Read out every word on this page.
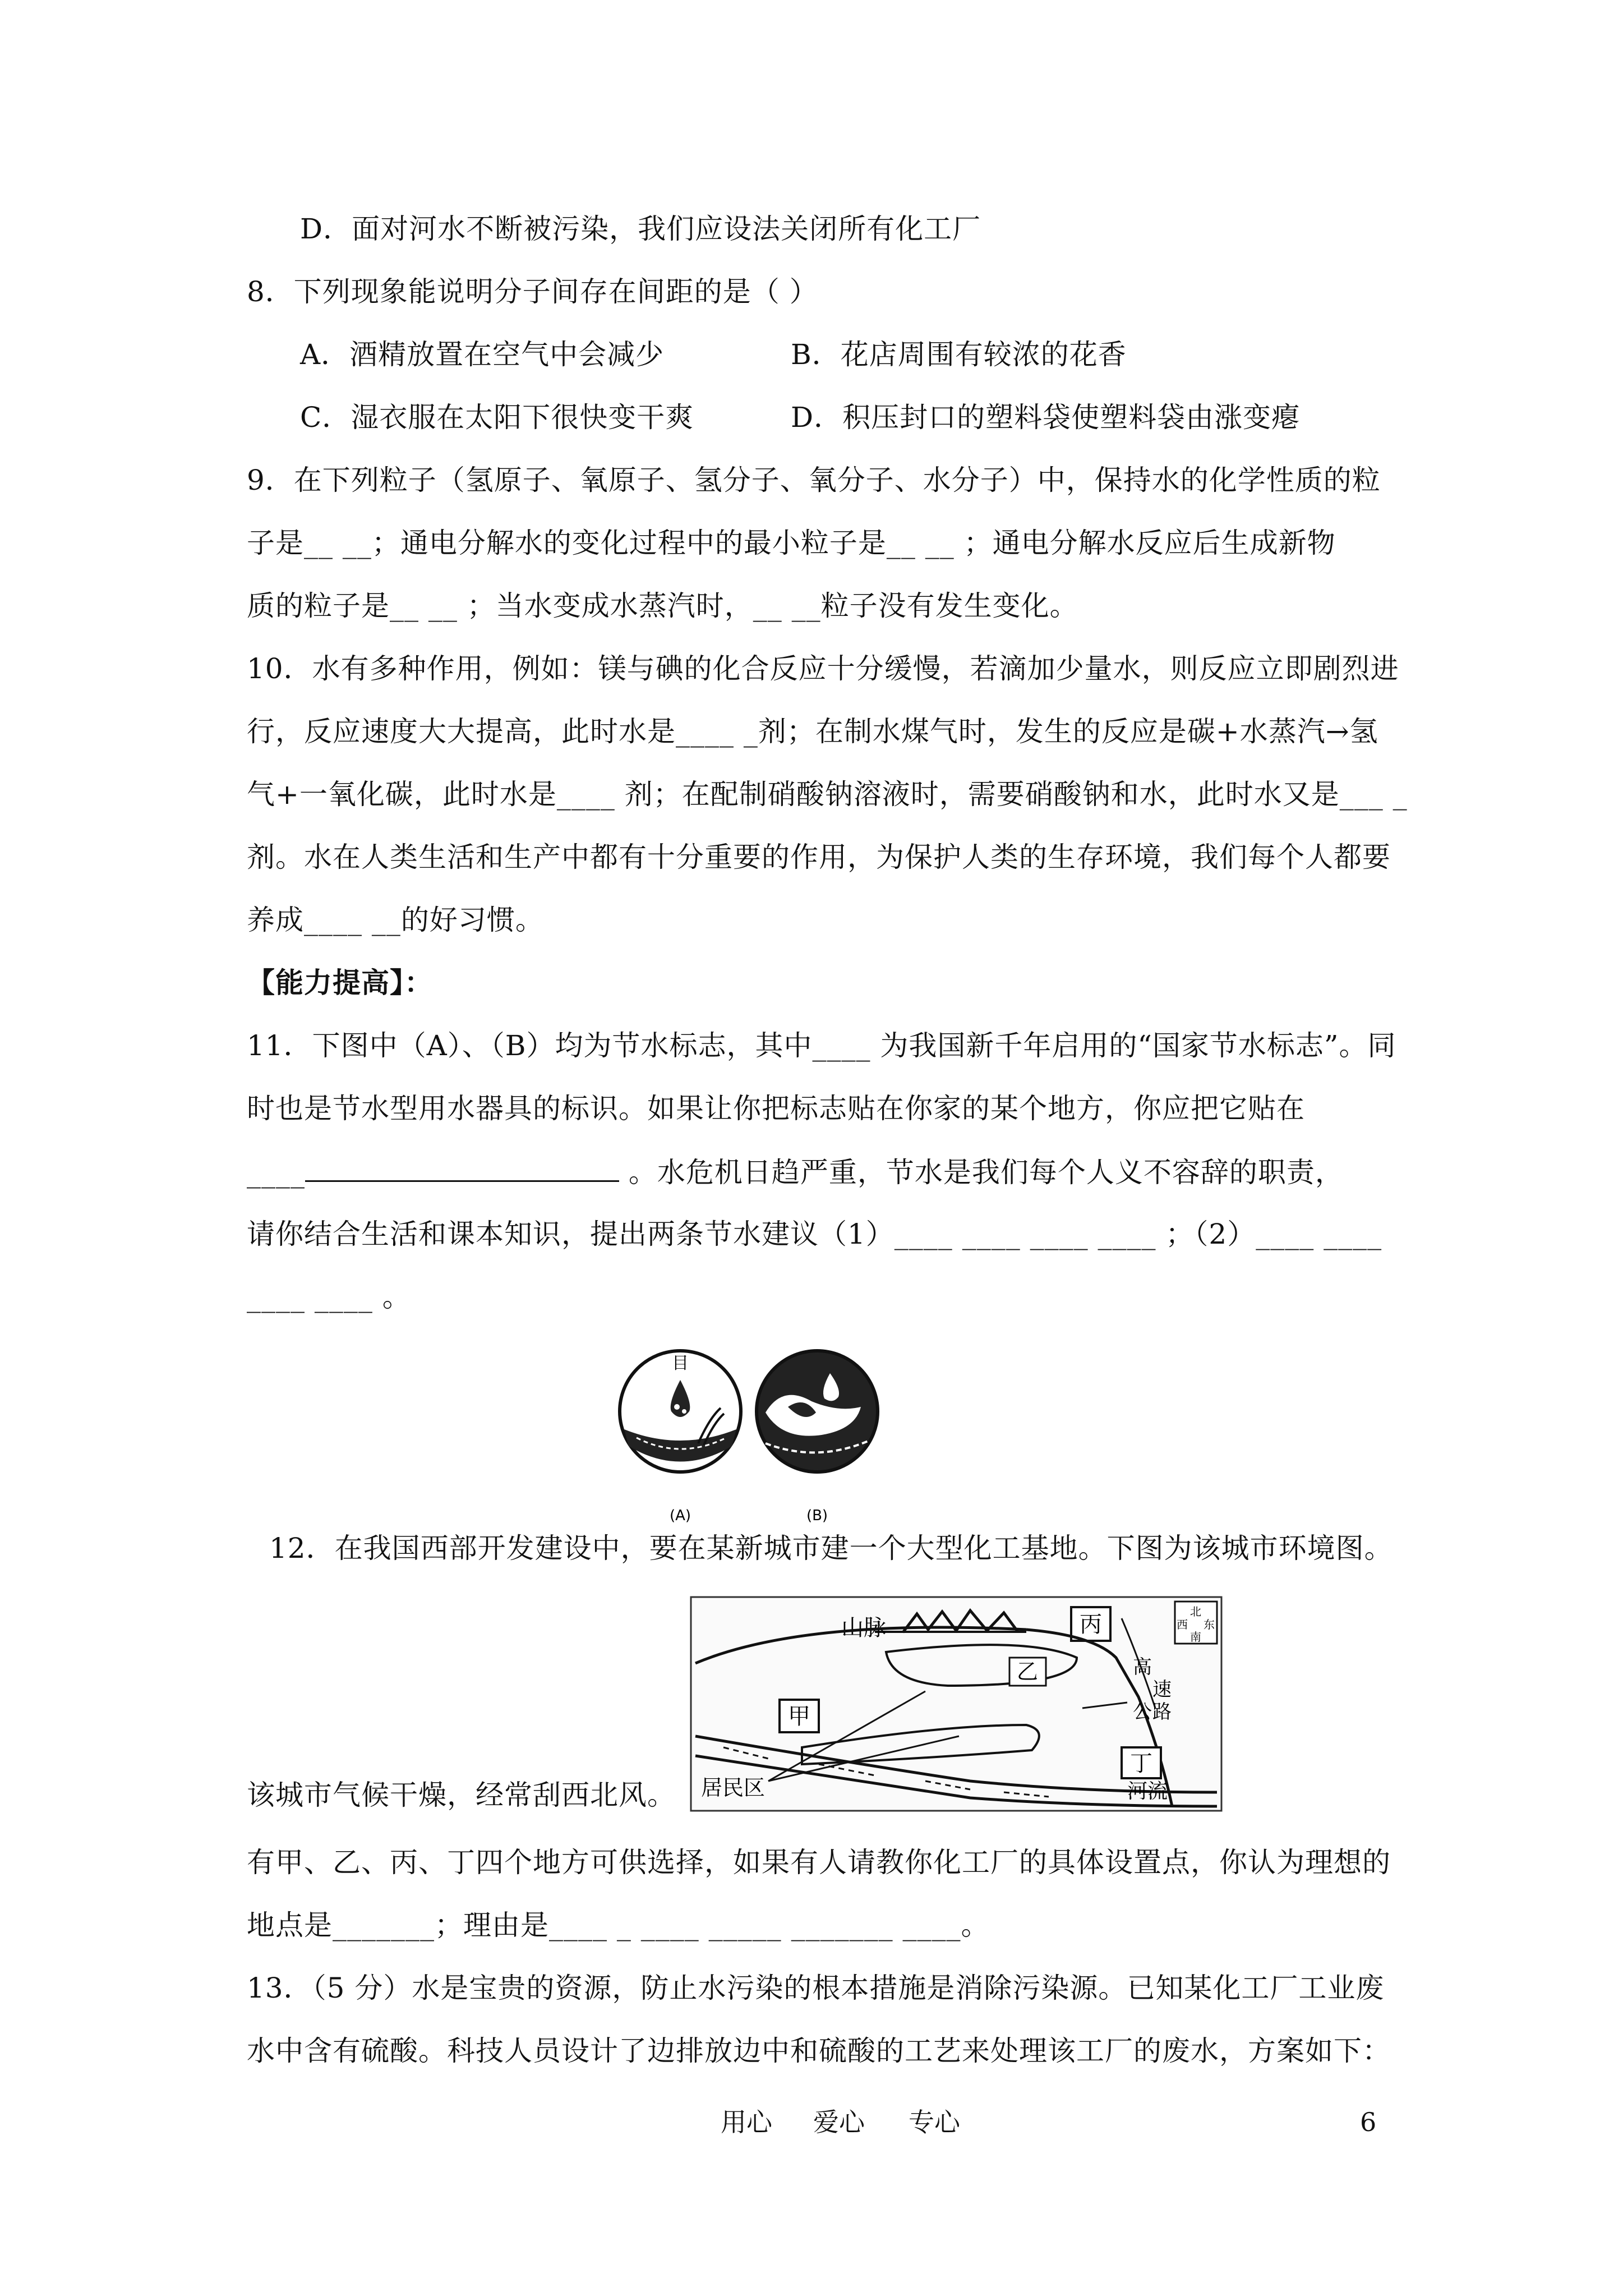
D．面对河水不断被污染，我们应设法关闭所有化工厂
8．下列现象能说明分子间存在间距的是（ ）
A．酒精放置在空气中会减少	B．花店周围有较浓的花香
C．湿衣服在太阳下很快变干爽	D．积压封口的塑料袋使塑料袋由涨变瘪
9．在下列粒子（氢原子、氧原子、氢分子、氧分子、水分子）中，保持水的化学性质的粒
子是__ __；通电分解水的变化过程中的最小粒子是__ __ ；通电分解水反应后生成新物
质的粒子是__ __ ；当水变成水蒸汽时，__ __粒子没有发生变化。
10．水有多种作用，例如：镁与碘的化合反应十分缓慢，若滴加少量水，则反应立即剧烈进
行，反应速度大大提高，此时水是____ _剂；在制水煤气时，发生的反应是碳+水蒸汽→氢
气+一氧化碳，此时水是____ 剂；在配制硝酸钠溶液时，需要硝酸钠和水，此时水又是___ _
剂。水在人类生活和生产中都有十分重要的作用，为保护人类的生存环境，我们每个人都要
养成____ __的好习惯。
【能力提高】：
11．下图中（A）、（B）均为节水标志，其中____ 为我国新千年启用的“国家节水标志”。同
时也是节水型用水器具的标识。如果让你把标志贴在你家的某个地方，你应把它贴在
____	。水危机日趋严重，节水是我们每个人义不容辞的职责，
请你结合生活和课本知识，提出两条节水建议（1）____ ____ ____ ____ ；（2）____ ____
____ ____ 。
目
(A)	(B)
12．在我国西部开发建设中，要在某新城市建一个大型化工基地。下图为该城市环境图。
山脉	丙	北
西 东
南
乙	高
速
公 路
甲
居民区	河流
丁
该城市气候干燥，经常刮西北风。
有甲、乙、丙、丁四个地方可供选择，如果有人请教你化工厂的具体设置点，你认为理想的
地点是_______；理由是____ _ ____ _____ _______ ____。
13．（5 分）水是宝贵的资源，防止水污染的根本措施是消除污染源。已知某化工厂工业废
水中含有硫酸。科技人员设计了边排放边中和硫酸的工艺来处理该工厂的废水，方案如下：
用心 爱心 专心	6
